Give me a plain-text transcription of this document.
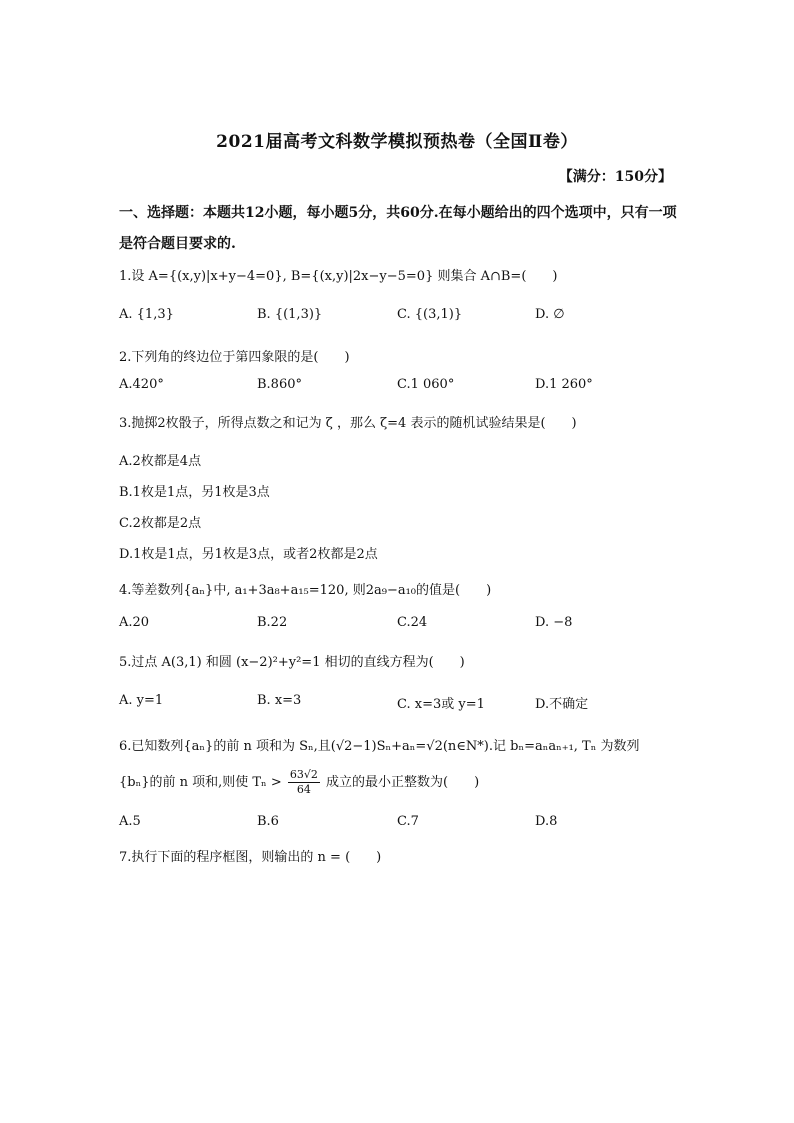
2021届高考文科数学模拟预热卷（全国Ⅱ卷）
【满分：150分】
一、选择题：本题共12小题，每小题5分，共60分.在每小题给出的四个选项中，只有一项是符合题目要求的.
1.设 A={(x,y)|x+y−4=0}, B={(x,y)|2x−y−5=0} 则集合 A∩B=(　　)
A. {1,3}	B. {(1,3)}	C. {(3,1)}	D. ∅
2.下列角的终边位于第四象限的是(　　)
A.420°	B.860°	C.1 060°	D.1 260°
3.抛掷2枚骰子，所得点数之和记为 ζ ，那么 ζ=4 表示的随机试验结果是(　　)
A.2枚都是4点
B.1枚是1点，另1枚是3点
C.2枚都是2点
D.1枚是1点，另1枚是3点，或者2枚都是2点
4.等差数列{aₙ}中, a₁+3a₈+a₁₅=120, 则2a₉−a₁₀的值是(　　)
A.20	B.22	C.24	D. −8
5.过点 A(3,1) 和圆 (x−2)²+y²=1 相切的直线方程为(　　)
A. y=1	B. x=3	C. x=3或 y=1	D.不确定
6.已知数列{aₙ}的前 n 项和为 Sₙ,且(√2−1)Sₙ+aₙ=√2(n∈N*).记 bₙ=aₙaₙ₊₁, Tₙ 为数列
{bₙ}的前 n 项和,则使 $T_n > \frac{63√2}{64}$ 成立的最小正整数为(　　)
A.5	B.6	C.7	D.8
7.执行下面的程序框图，则输出的 n = (　　)
